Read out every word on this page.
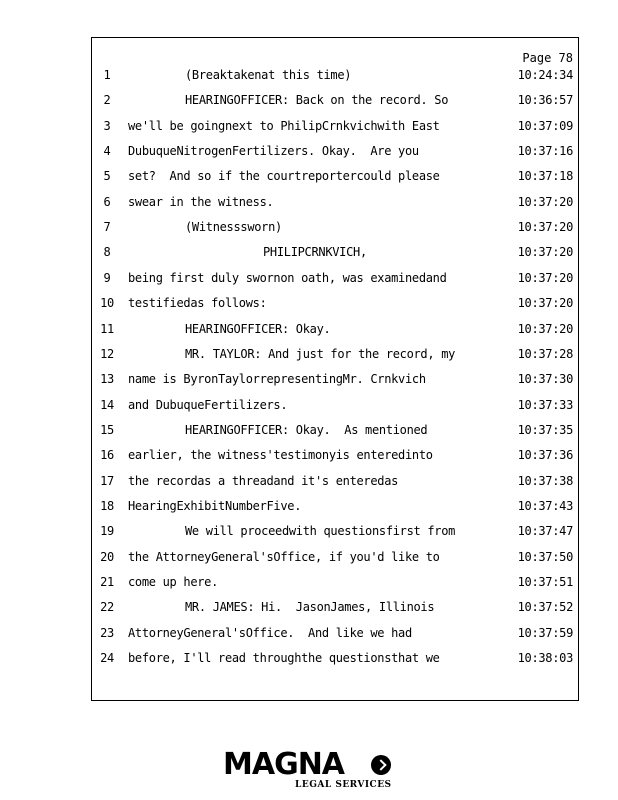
Page 78
1	(Breaktakenat this time)	10:24:34
2	HEARINGOFFICER: Back on the record. So	10:36:57
3	we'll be goingnext to PhilipCrnkvichwith East	10:37:09
4	DubuqueNitrogenFertilizers. Okay.  Are you	10:37:16
5	set?  And so if the courtreportercould please	10:37:18
6	swear in the witness.	10:37:20
7	(Witnesssworn)	10:37:20
8	PHILIPCRNKVICH,	10:37:20
9	being first duly swornon oath, was examinedand	10:37:20
10	testifiedas follows:	10:37:20
11	HEARINGOFFICER: Okay.	10:37:20
12	MR. TAYLOR: And just for the record, my	10:37:28
13	name is ByronTaylorrepresentingMr. Crnkvich	10:37:30
14	and DubuqueFertilizers.	10:37:33
15	HEARINGOFFICER: Okay.  As mentioned	10:37:35
16	earlier, the witness'testimonyis enteredinto	10:37:36
17	the recordas a threadand it's enteredas	10:37:38
18	HearingExhibitNumberFive.	10:37:43
19	We will proceedwith questionsfirst from	10:37:47
20	the AttorneyGeneral'sOffice, if you'd like to	10:37:50
21	come up here.	10:37:51
22	MR. JAMES: Hi.  JasonJames, Illinois	10:37:52
23	AttorneyGeneral'sOffice.  And like we had	10:37:59
24	before, I'll read throughthe questionsthat we	10:38:03
MAGNA
LEGAL SERVICES
